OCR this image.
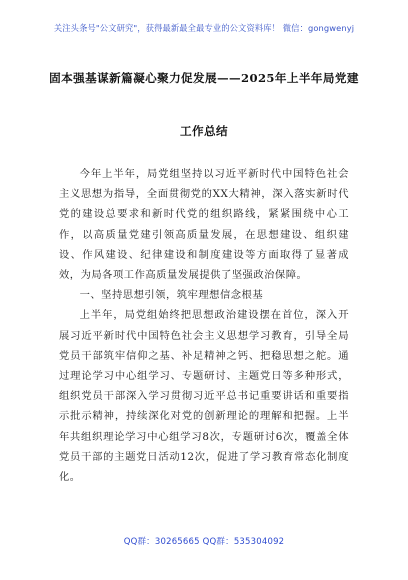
关注头条号"公文研究"，获得最新最全最专业的公文资料库！ 微信：gongwenyj
固本强基谋新篇凝心聚力促发展——2025年上半年局党建
工作总结

今年上半年，局党组坚持以习近平新时代中国特色社会主义思想为指导，全面贯彻党的XX大精神，深入落实新时代党的建设总要求和新时代党的组织路线，紧紧围绕中心工作，以高质量党建引领高质量发展，在思想建设、组织建设、作风建设、纪律建设和制度建设等方面取得了显著成效，为局各项工作高质量发展提供了坚强政治保障。

一、坚持思想引领，筑牢理想信念根基

上半年，局党组始终把思想政治建设摆在首位，深入开展习近平新时代中国特色社会主义思想学习教育，引导全局党员干部筑牢信仰之基、补足精神之钙、把稳思想之舵。通过理论学习中心组学习、专题研讨、主题党日等多种形式，组织党员干部深入学习贯彻习近平总书记重要讲话和重要指示批示精神，持续深化对党的创新理论的理解和把握。上半年共组织理论学习中心组学习8次，专题研讨6次，覆盖全体党员干部的主题党日活动12次，促进了学习教育常态化制度化。

QQ群：30265665 QQ群：535304092
